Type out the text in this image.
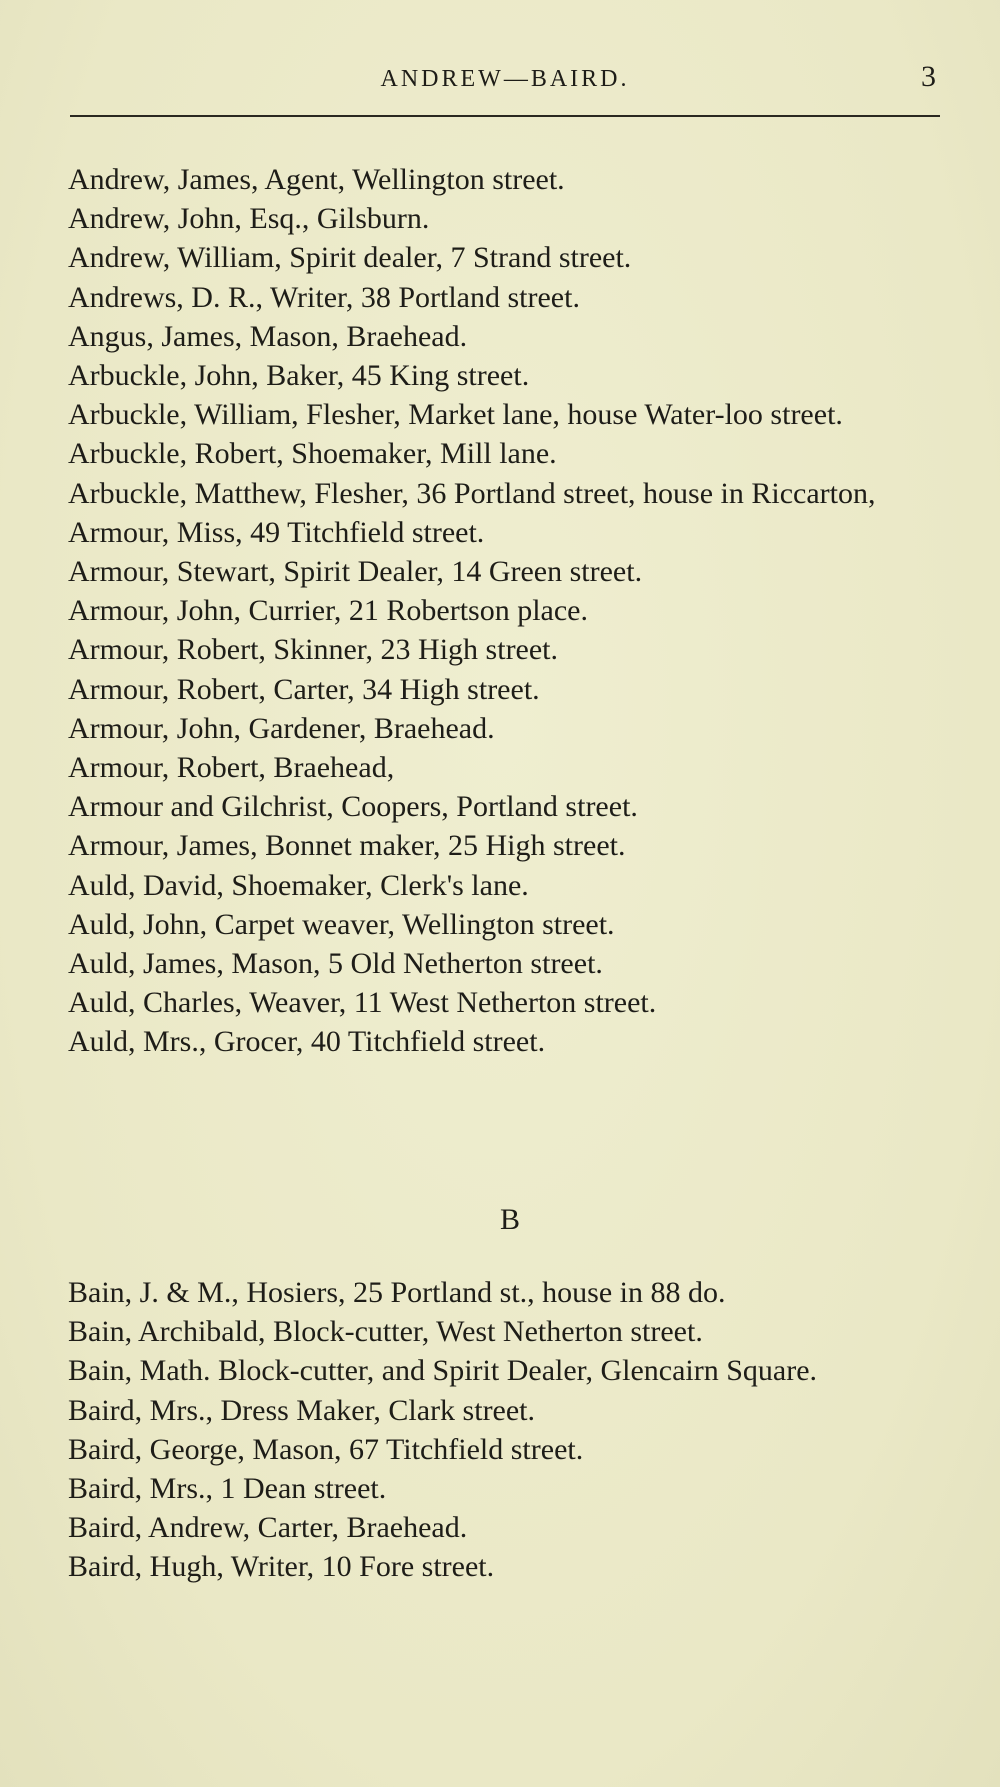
ANDREW—BAIRD.	3
Andrew, James, Agent, Wellington street.
Andrew, John, Esq., Gilsburn.
Andrew, William, Spirit dealer, 7 Strand street.
Andrews, D. R., Writer, 38 Portland street.
Angus, James, Mason, Braehead.
Arbuckle, John, Baker, 45 King street.
Arbuckle, William, Flesher, Market lane, house Water-loo street.
Arbuckle, Robert, Shoemaker, Mill lane.
Arbuckle, Matthew, Flesher, 36 Portland street, house in Riccarton,
Armour, Miss, 49 Titchfield street.
Armour, Stewart, Spirit Dealer, 14 Green street.
Armour, John, Currier, 21 Robertson place.
Armour, Robert, Skinner, 23 High street.
Armour, Robert, Carter, 34 High street.
Armour, John, Gardener, Braehead.
Armour, Robert, Braehead,
Armour and Gilchrist, Coopers, Portland street.
Armour, James, Bonnet maker, 25 High street.
Auld, David, Shoemaker, Clerk's lane.
Auld, John, Carpet weaver, Wellington street.
Auld, James, Mason, 5 Old Netherton street.
Auld, Charles, Weaver, 11 West Netherton street.
Auld, Mrs., Grocer, 40 Titchfield street.
B
Bain, J. & M., Hosiers, 25 Portland st., house in 88 do.
Bain, Archibald, Block-cutter, West Netherton street.
Bain, Math. Block-cutter, and Spirit Dealer, Glencairn Square.
Baird, Mrs., Dress Maker, Clark street.
Baird, George, Mason, 67 Titchfield street.
Baird, Mrs., 1 Dean street.
Baird, Andrew, Carter, Braehead.
Baird, Hugh, Writer, 10 Fore street.
